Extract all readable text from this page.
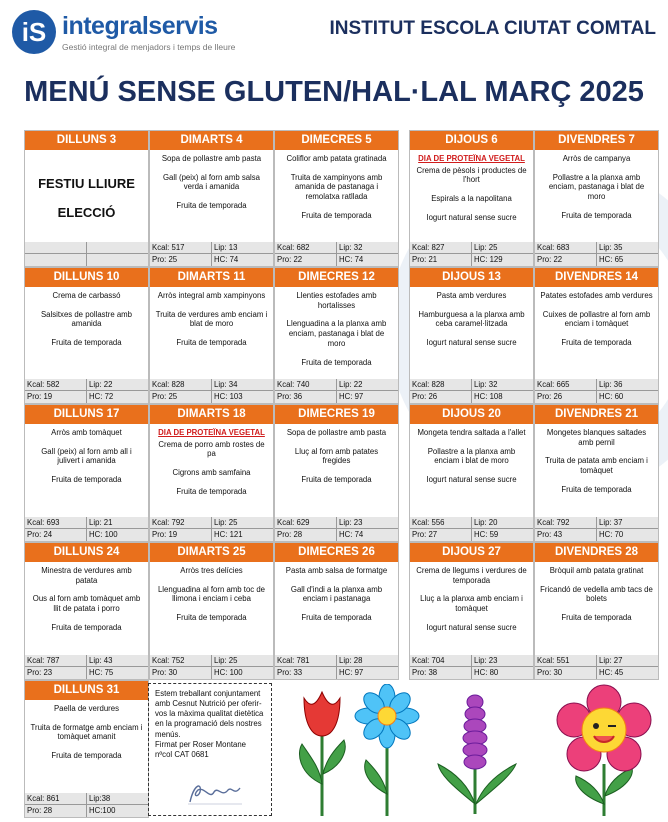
iS integralservis
Gestió integral de menjadors i temps de lleure
INSTITUT ESCOLA CIUTAT COMTAL
MENÚ SENSE GLUTEN/HAL·LAL MARÇ 2025
DILLUNS 3

FESTIU LLIURE

ELECCIÓ

DIMARTS 4

Sopa de pollastre amb pasta

Gall (peix) al forn amb salsa verda i amanida

Fruita de temporada

Kcal: 517	Lip: 13
Pro: 25	HC: 74
DIMECRES 5

Coliflor amb patata gratinada

Truita de xampinyons amb amanida de pastanaga i remolatxa ratllada

Fruita de temporada

Kcal: 682	Lip: 32
Pro: 22	HC: 74
DIJOUS 6

DIA DE PROTEÏNA VEGETAL

Crema de pèsols i productes de l'hort

Espirals a la napolitana

Iogurt natural sense sucre

Kcal: 827	Lip: 25
Pro: 21	HC: 129
DIVENDRES 7

Arròs de campanya

Pollastre a la planxa amb enciam, pastanaga i blat de moro

Fruita de temporada

Kcal: 683	Lip: 35
Pro: 22	HC: 65
DILLUNS 10

Crema de carbassó

Salsitxes de pollastre amb amanida

Fruita de temporada

Kcal: 582	Lip: 22
Pro: 19	HC: 72
DIMARTS 11

Arròs integral amb xampinyons

Truita de verdures amb enciam i blat de moro

Fruita de temporada

Kcal: 828	Lip: 34
Pro: 25	HC: 103
DIMECRES 12

Llenties estofades amb hortalisses

Llenguadina a la planxa amb enciam, pastanaga i blat de moro

Fruita de temporada

Kcal: 740	Lip: 22
Pro: 36	HC: 97
DIJOUS 13

Pasta amb verdures

Hamburguesa a la planxa amb ceba caramel·litzada

Iogurt natural sense sucre

Kcal: 828	Lip: 32
Pro: 26	HC: 108
DIVENDRES 14

Patates estofades amb verdures

Cuixes de pollastre al forn amb enciam i tomàquet

Fruita de temporada

Kcal: 665	Lip: 36
Pro: 26	HC: 60
DILLUNS 17

Arròs amb tomàquet

Gall (peix) al forn amb all i julivert i amanida

Fruita de temporada

Kcal: 693	Lip: 21
Pro: 24	HC: 100
DIMARTS 18

DIA DE PROTEÏNA VEGETAL

Crema de porro amb rostes de pa

Cigrons amb samfaina

Fruita de temporada

Kcal: 792	Lip: 25
Pro: 19	HC: 121
DIMECRES 19

Sopa de pollastre amb pasta

Lluç al forn amb patates fregides

Fruita de temporada

Kcal: 629	Lip: 23
Pro: 28	HC: 74
DIJOUS 20

Mongeta tendra saltada a l'allet

Pollastre a la planxa amb enciam i blat de moro

Iogurt natural sense sucre

Kcal: 556	Lip: 20
Pro: 27	HC: 59
DIVENDRES 21

Mongetes blanques saltades amb pernil

Truita de patata amb enciam i tomàquet

Fruita de temporada

Kcal: 792	Lip: 37
Pro: 43	HC: 70
DILLUNS 24

Minestra de verdures amb patata

Ous al forn amb tomàquet amb llit de patata i porro

Fruita de temporada

Kcal: 787	Lip: 43
Pro: 23	HC: 75
DIMARTS 25

Arròs tres delícies

Llenguadina al forn amb toc de llimona i enciam i ceba

Fruita de temporada

Kcal: 752	Lip: 25
Pro: 30	HC: 100
DIMECRES 26

Pasta amb salsa de formatge

Gall d'indi a la planxa amb enciam i pastanaga

Fruita de temporada

Kcal: 781	Lip: 28
Pro: 33	HC: 97
DIJOUS 27

Crema de llegums i verdures de temporada

Lluç a la planxa amb enciam i tomàquet

Iogurt natural sense sucre

Kcal: 704	Lip: 23
Pro: 38	HC: 80
DIVENDRES 28

Bròquil amb patata gratinat

Fricandó de vedella amb tacs de bolets

Fruita de temporada

Kcal: 551	Lip: 27
Pro: 30	HC: 45
DILLUNS 31

Paella de verdures

Truita de formatge amb enciam i tomàquet amanit

Fruita de temporada

Kcal: 861	Lip:38
Pro: 28	HC:100
Estem treballant conjuntament amb Cesnut Nutrició per oferir-vos la màxima qualitat dietètica en la programació dels nostres menús.
Firmat per Roser Montane
nºcol CAT 0681
